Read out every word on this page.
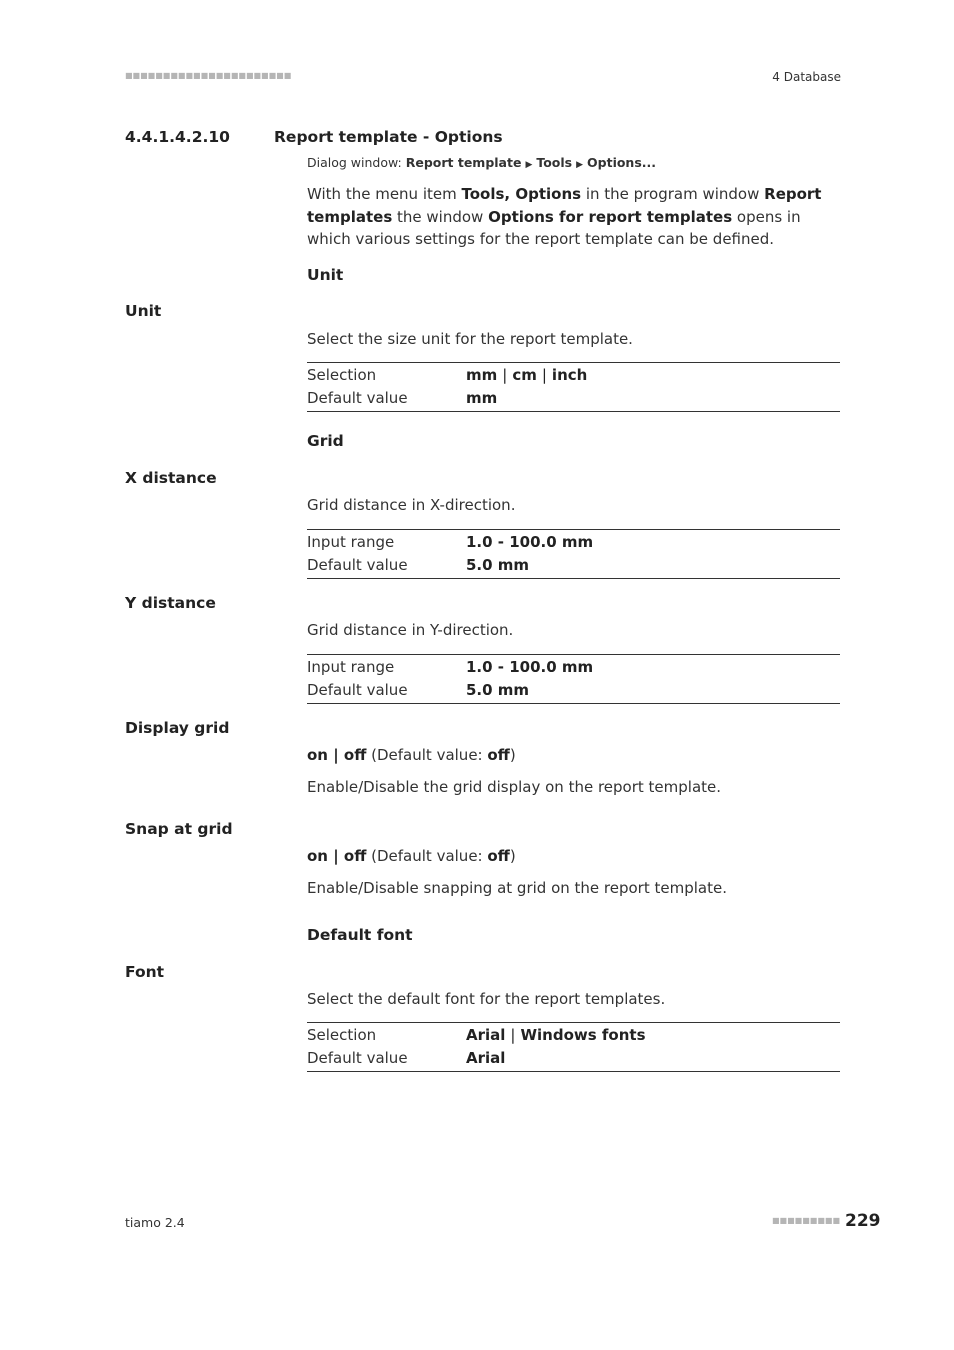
■■■■■■■■■■■■■■■■■■■■■■	4 Database
4.4.1.4.2.10	Report template - Options
Dialog window: Report template ▶ Tools ▶ Options...
With the menu item Tools, Options in the program window Report templates the window Options for report templates opens in which various settings for the report template can be defined.
Unit
Unit
Select the size unit for the report template.
Selection	mm | cm | inch
Default value	mm
Grid
X distance
Grid distance in X-direction.
Input range	1.0 - 100.0 mm
Default value	5.0 mm
Y distance
Grid distance in Y-direction.
Input range	1.0 - 100.0 mm
Default value	5.0 mm
Display grid
on | off (Default value: off)
Enable/Disable the grid display on the report template.
Snap at grid
on | off (Default value: off)
Enable/Disable snapping at grid on the report template.
Default font
Font
Select the default font for the report templates.
Selection	Arial | Windows fonts
Default value	Arial
tiamo 2.4	■■■■■■■■■ 229
